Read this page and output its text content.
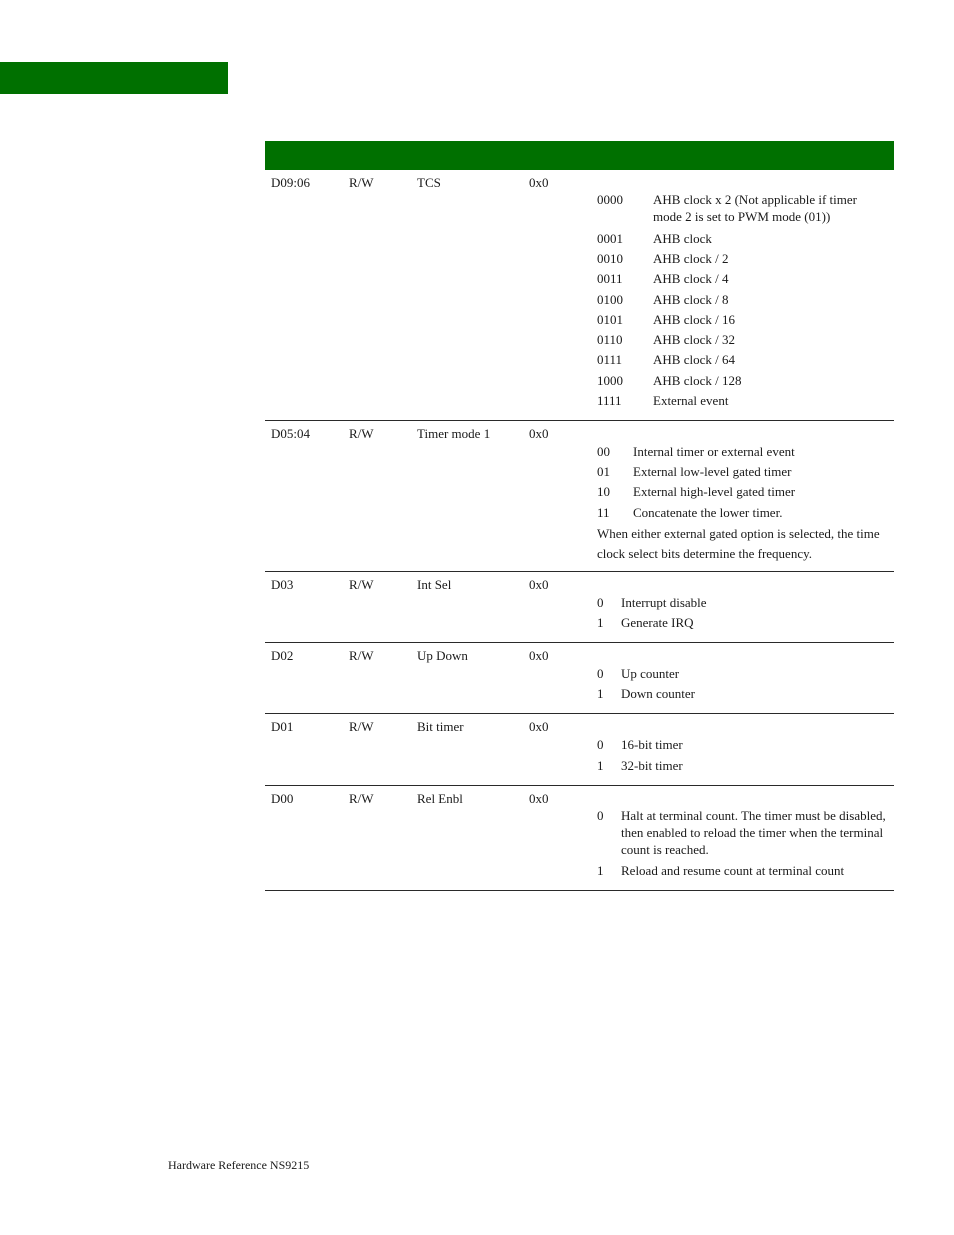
D09:06	R/W	TCS	0x0
0000 AHB clock x 2 (Not applicable if timer mode 2 is set to PWM mode (01))
0001 AHB clock
0010 AHB clock / 2
0011 AHB clock / 4
0100 AHB clock / 8
0101 AHB clock / 16
0110 AHB clock / 32
0111 AHB clock / 64
1000 AHB clock / 128
1111 External event
D05:04	R/W	Timer mode 1	0x0
00 Internal timer or external event
01 External low-level gated timer
10 External high-level gated timer
11 Concatenate the lower timer.
When either external gated option is selected, the time clock select bits determine the frequency.
D03	R/W	Int Sel	0x0
0 Interrupt disable
1 Generate IRQ
D02	R/W	Up Down	0x0
0 Up counter
1 Down counter
D01	R/W	Bit timer	0x0
0 16-bit timer
1 32-bit timer
D00	R/W	Rel Enbl	0x0
0 Halt at terminal count. The timer must be disabled, then enabled to reload the timer when the terminal count is reached.
1 Reload and resume count at terminal count
Hardware Reference NS9215
